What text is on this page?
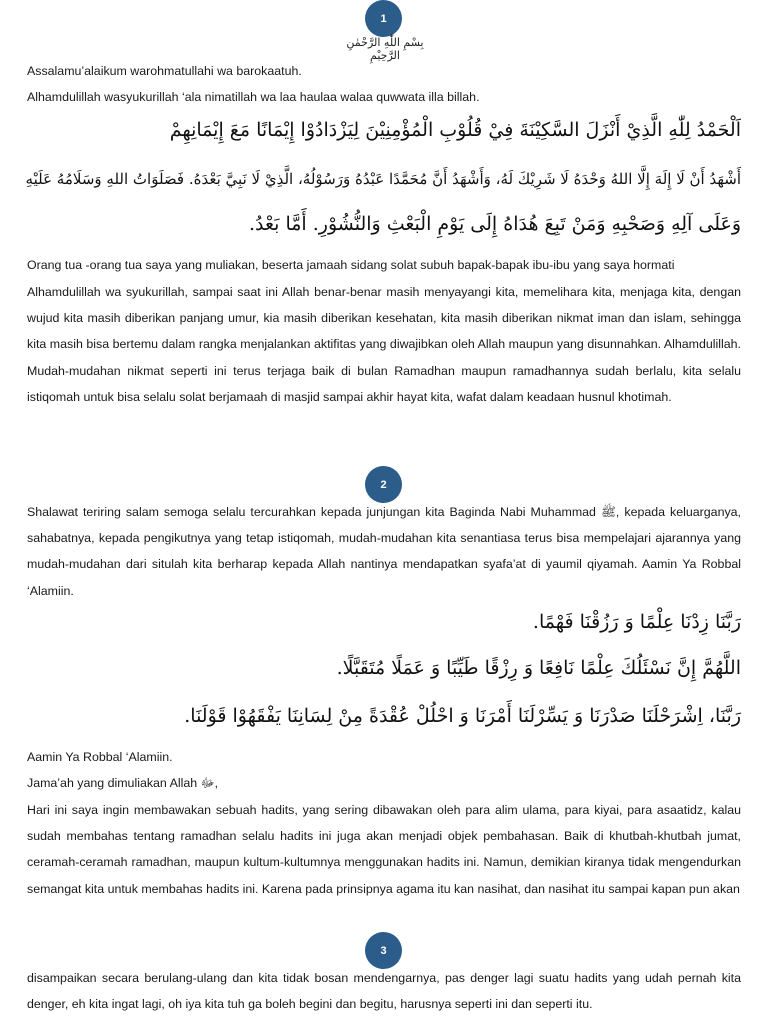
1
بِسْمِ اللّٰهِ الرَّحْمٰنِ الرَّحِيْمِ
Assalamu’alaikum warohmatullahi wa barokaatuh.
Alhamdulillah wasyukurillah ‘ala nimatillah wa laa haulaa walaa quwwata illa billah.
اَلْحَمْدُ لِلّٰهِ الَّذِيْ أَنْزَلَ السَّكِيْنَةَ فِيْ قُلُوْبِ الْمُؤْمِنِيْنَ لِيَزْدَادُوْا إِيْمَانًا مَعَ إِيْمَانِهِمْ
أَشْهَدُ أَنْ لَا إِلَهَ إِلَّا اللهُ وَحْدَهُ لَا شَرِيْكَ لَهُ، وَأَشْهَدُ أَنَّ مُحَمَّدًا عَبْدُهُ وَرَسُوْلُهُ، الَّذِيْ لَا نَبِيَّ بَعْدَهُ. فَصَلَوَاتُ اللهِ وَسَلَامُهُ عَلَيْهِ
وَعَلَى آلِهِ وَصَحْبِهِ وَمَنْ تَبِعَ هُدَاهُ إِلَى يَوْمِ الْبَعْثِ وَالنُّشُوْرِ. أَمَّا بَعْدُ.
Orang tua -orang tua saya yang muliakan, beserta jamaah sidang solat subuh bapak-bapak ibu-ibu yang saya hormati
Alhamdulillah wa syukurillah, sampai saat ini Allah benar-benar masih menyayangi kita, memelihara kita, menjaga kita, dengan wujud kita masih diberikan panjang umur, kia masih diberikan kesehatan, kita masih diberikan nikmat iman dan islam, sehingga kita masih bisa bertemu dalam rangka menjalankan aktifitas yang diwajibkan oleh Allah maupun yang disunnahkan. Alhamdulillah. Mudah-mudahan nikmat seperti ini terus terjaga baik di bulan Ramadhan maupun ramadhannya sudah berlalu, kita selalu istiqomah untuk bisa selalu solat berjamaah di masjid sampai akhir hayat kita, wafat dalam keadaan husnul khotimah.
2
Shalawat teriring salam semoga selalu tercurahkan kepada junjungan kita Baginda Nabi Muhammad ﷺ, kepada keluarganya, sahabatnya, kepada pengikutnya yang tetap istiqomah, mudah-mudahan kita senantiasa terus bisa mempelajari ajarannya yang mudah-mudahan dari situlah kita berharap kepada Allah nantinya mendapatkan syafa’at di yaumil qiyamah. Aamin Ya Robbal ‘Alamiin.
رَبَّنَا زِدْنَا عِلْمًا وَ رَزُقْنَا فَهْمًا.
اللَّهُمَّ إِنَّ نَسْئَلُكَ عِلْمًا نَافِعًا وَ رِزْقًا طَيِّبًا وَ عَمَلًا مُتَقَبَّلًا.
رَبَّنَا، اِشْرَحْلَنَا صَدْرَنَا وَ يَسِّرْلَنَا أَمْرَنَا وَ احْلُلْ عُقْدَةً مِنْ لِسَانِنَا يَفْقَهُوْا قَوْلَنَا.
Aamin Ya Robbal ‘Alamiin.
Jama’ah yang dimuliakan Allah ﷻ,
Hari ini saya ingin membawakan sebuah hadits, yang sering dibawakan oleh para alim ulama, para kiyai, para asaatidz, kalau sudah membahas tentang ramadhan selalu hadits ini juga akan menjadi objek pembahasan. Baik di khutbah-khutbah jumat, ceramah-ceramah ramadhan, maupun kultum-kultumnya menggunakan hadits ini. Namun, demikian kiranya tidak mengendurkan semangat kita untuk membahas hadits ini. Karena pada prinsipnya agama itu kan nasihat, dan nasihat itu sampai kapan pun akan
3
disampaikan secara berulang-ulang dan kita tidak bosan mendengarnya, pas denger lagi suatu hadits yang udah pernah kita denger, eh kita ingat lagi, oh iya kita tuh ga boleh begini dan begitu, harusnya seperti ini dan seperti itu.
